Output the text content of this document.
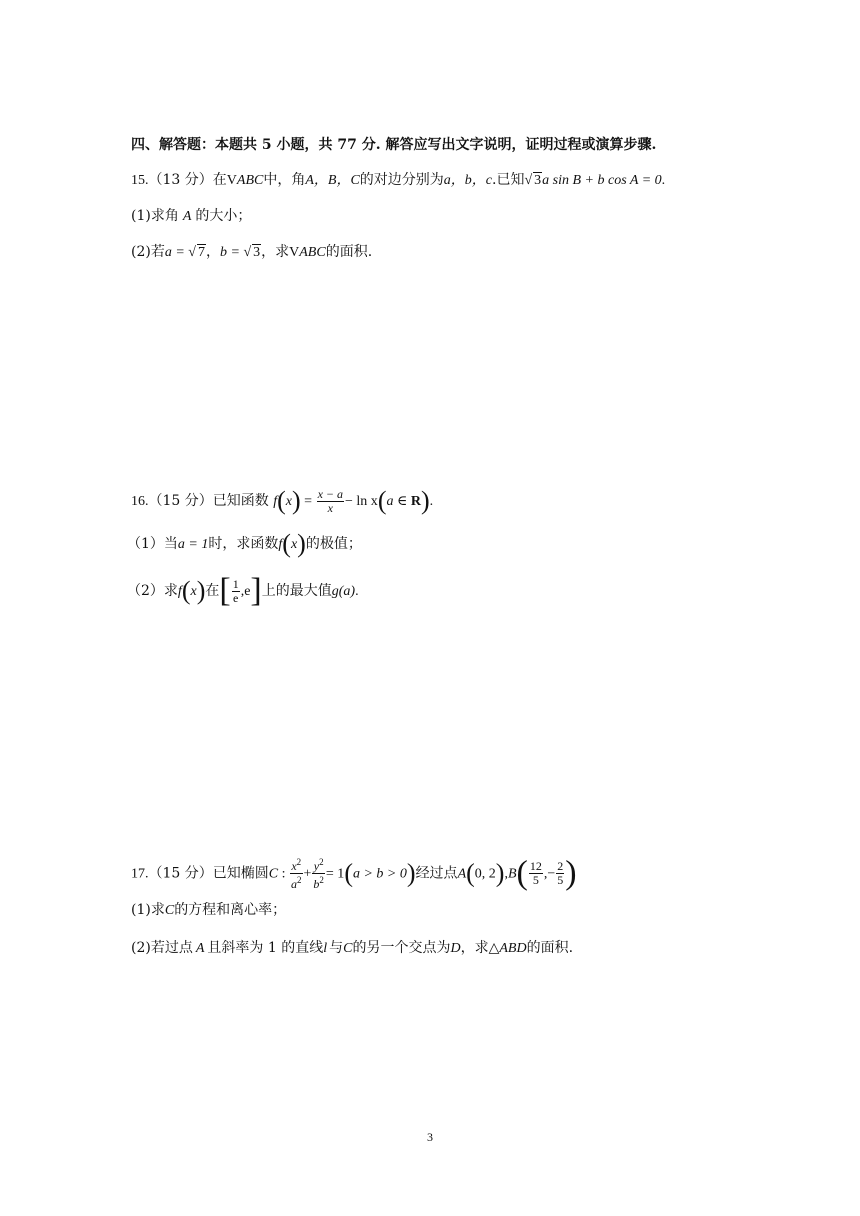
四、解答题：本题共 5 小题，共 77 分. 解答应写出文字说明，证明过程或演算步骤.
15.（13 分）在VABC中，角A，B，C的对边分别为a，b，c.已知√ 3a sin B + b cos A = 0.
(1)求角 A 的大小；
(2)若a = √ 7，b = √ 3，求VABC的面积.
16.（15 分）已知函数 $f(x) = \frac{x - a}{x} - \ln x(a$ ∈ R).
（1）当a = 1时，求函数f(x)的极值；
（2）求f(x)在[ $\frac{1}{e} ,e$]上的最大值g(a).
17.（15 分）已知椭圆C : $\frac{x^2}{a^2} + \frac{y^2}{b^2} = 1(a > b > 0)$经过点A(0, $2),B( \frac{12}{5}$ ,− $\frac{2}{5}$ )
(1)求C的方程和离心率；
(2)若过点 A 且斜率为 1 的直线l 与C的另一个交点为D，求△ABD的面积.
3
